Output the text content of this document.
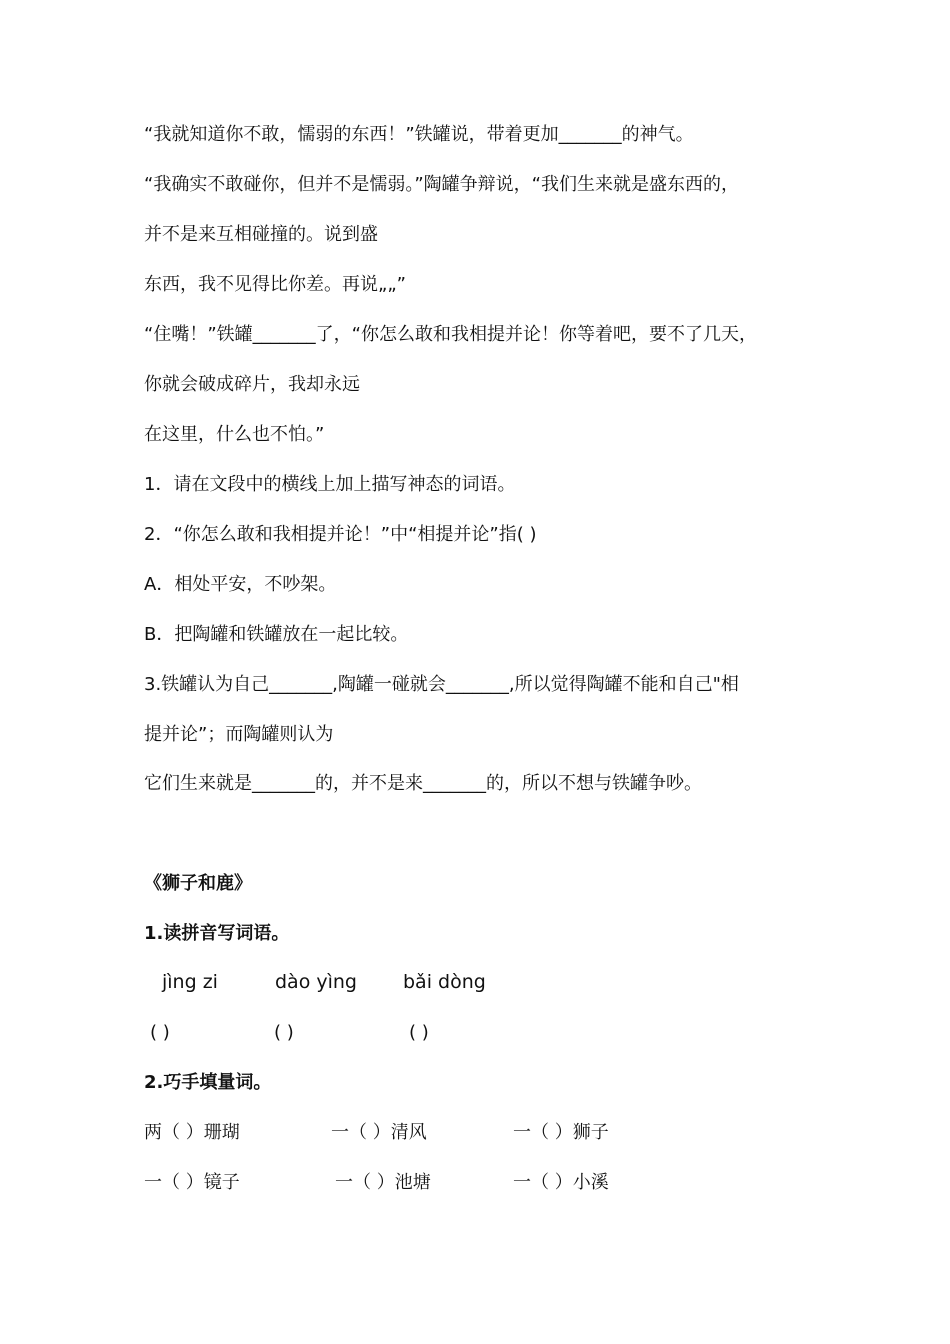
“我就知道你不敢，懦弱的东西！”铁罐说，带着更加_______的神气。

“我确实不敢碰你，但并不是懦弱。”陶罐争辩说，“我们生来就是盛东西的，

并不是来互相碰撞的。说到盛

东西，我不见得比你差。再说„„”

“住嘴！”铁罐_______了，“你怎么敢和我相提并论！你等着吧，要不了几天，

你就会破成碎片，我却永远

在这里，什么也不怕。”

1．请在文段中的横线上加上描写神态的词语。

2．“你怎么敢和我相提并论！”中“相提并论”指( )

A．相处平安，不吵架。

B．把陶罐和铁罐放在一起比较。

3.铁罐认为自己_______,陶罐一碰就会_______,所以觉得陶罐不能和自己"相

提并论”；而陶罐则认为

它们生来就是_______的，并不是来_______的，所以不想与铁罐争吵。

《狮子和鹿》

1.读拼音写词语。

jìng zi	dào yìng bǎi dòng
( )	( )	( )

2.巧手填量词。

两（ ）珊瑚	一（ ）清风	一（ ）狮子
一（ ）镜子	一（ ）池塘	一（ ）小溪
